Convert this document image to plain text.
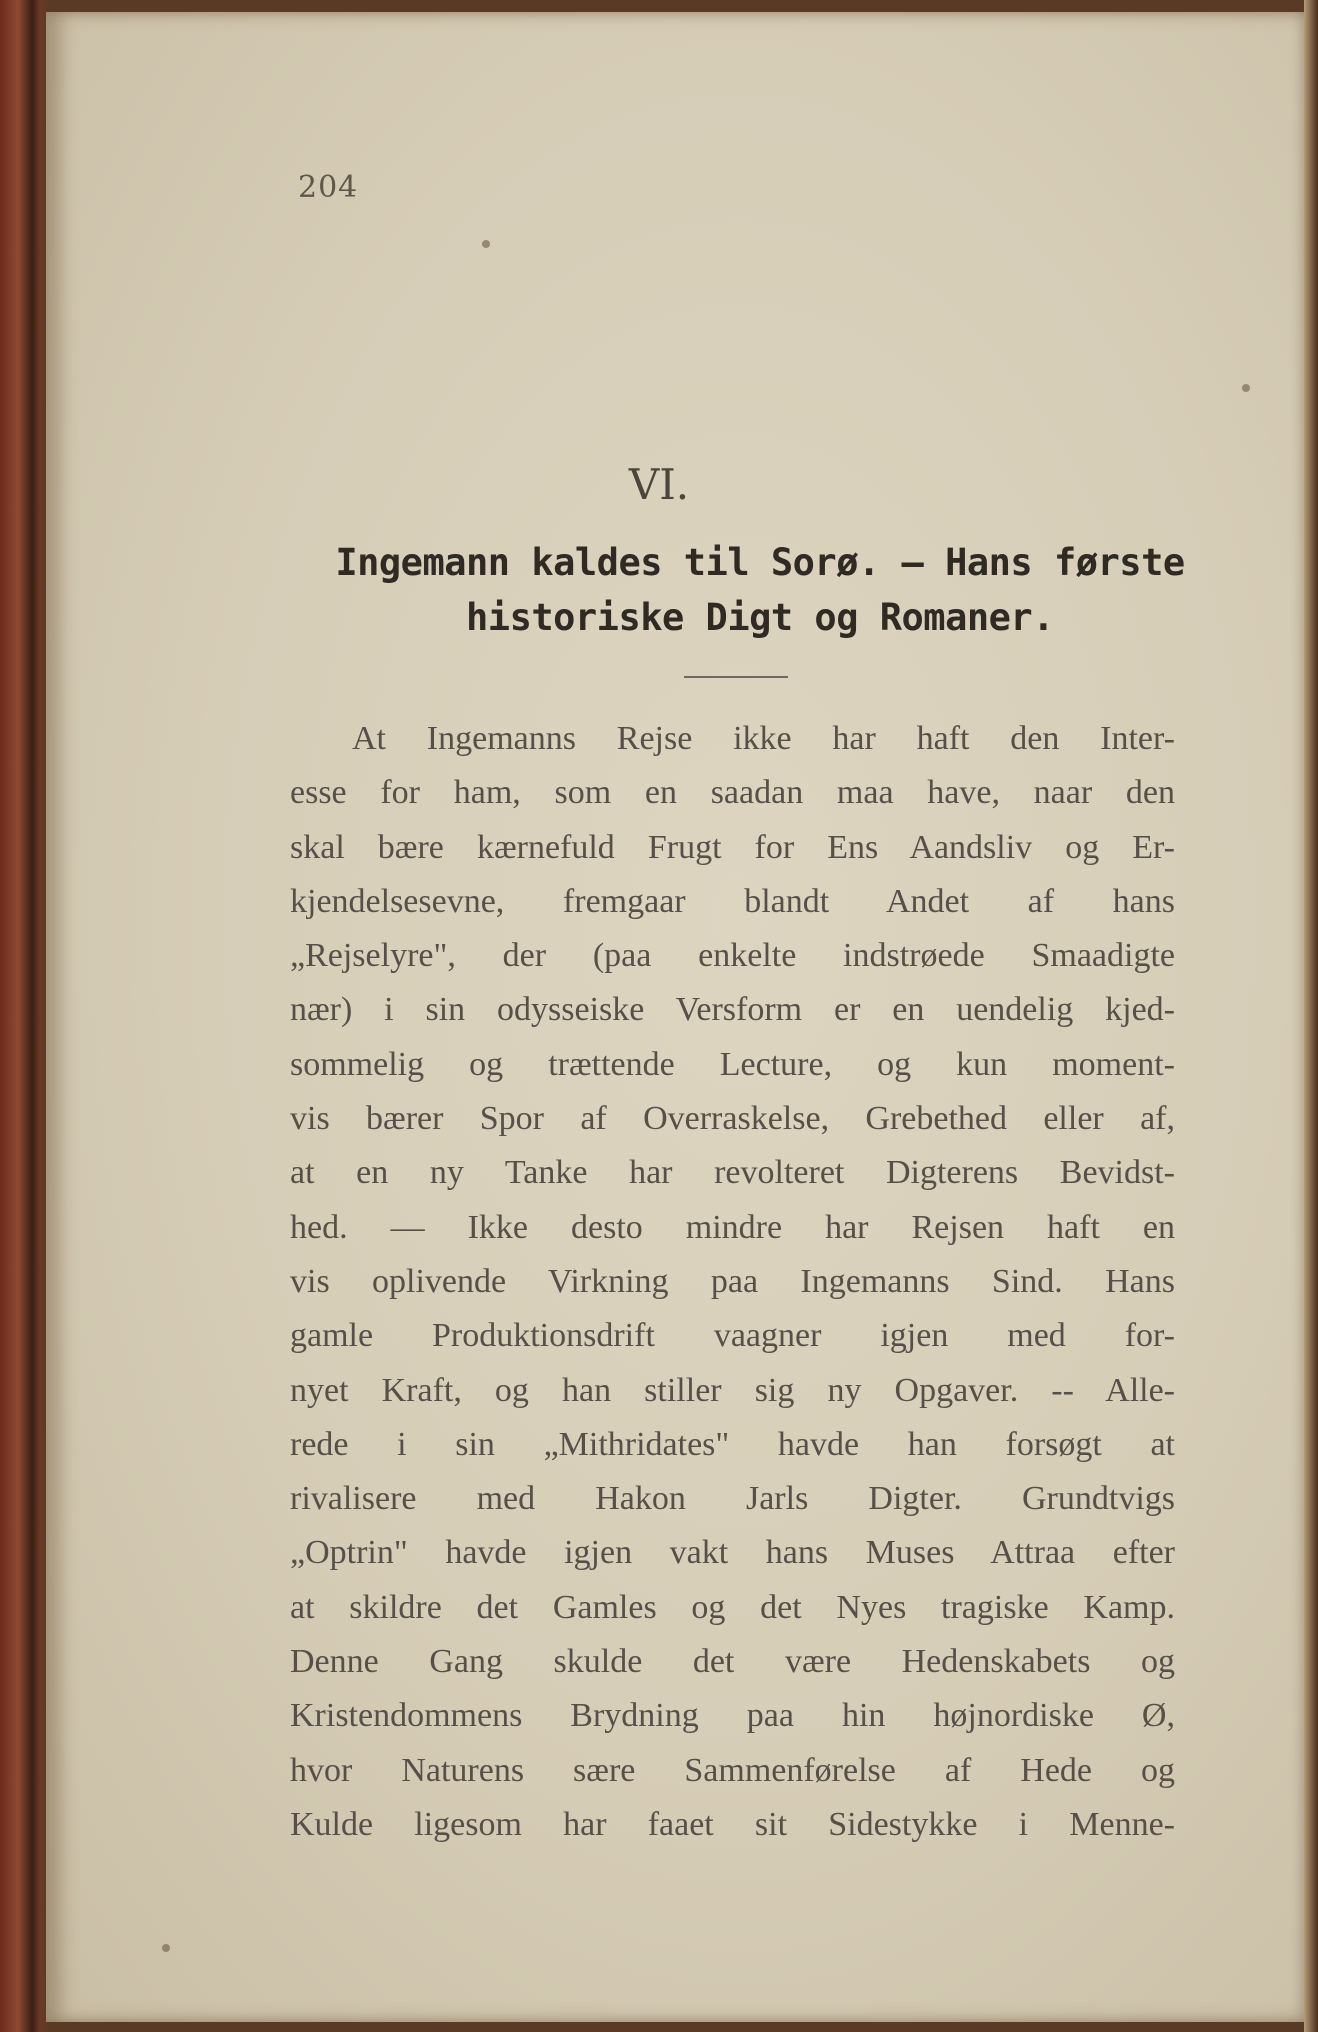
204
VI.
Ingemann kaldes til Sorø. — Hans første
historiske Digt og Romaner.
At Ingemanns Rejse ikke har haft den Inter-
esse for ham, som en saadan maa have, naar den
skal bære kærnefuld Frugt for Ens Aandsliv og Er-
kjendelsesevne, fremgaar blandt Andet af hans
„Rejselyre", der (paa enkelte indstrøede Smaadigte
nær) i sin odysseiske Versform er en uendelig kjed-
sommelig og trættende Lecture, og kun moment-
vis bærer Spor af Overraskelse, Grebethed eller af,
at en ny Tanke har revolteret Digterens Bevidst-
hed. — Ikke desto mindre har Rejsen haft en
vis oplivende Virkning paa Ingemanns Sind. Hans
gamle Produktionsdrift vaagner igjen med for-
nyet Kraft, og han stiller sig ny Opgaver. -- Alle-
rede i sin „Mithridates" havde han forsøgt at
rivalisere med Hakon Jarls Digter. Grundtvigs
„Optrin" havde igjen vakt hans Muses Attraa efter
at skildre det Gamles og det Nyes tragiske Kamp.
Denne Gang skulde det være Hedenskabets og
Kristendommens Brydning paa hin højnordiske Ø,
hvor Naturens sære Sammenførelse af Hede og
Kulde ligesom har faaet sit Sidestykke i Menne-
